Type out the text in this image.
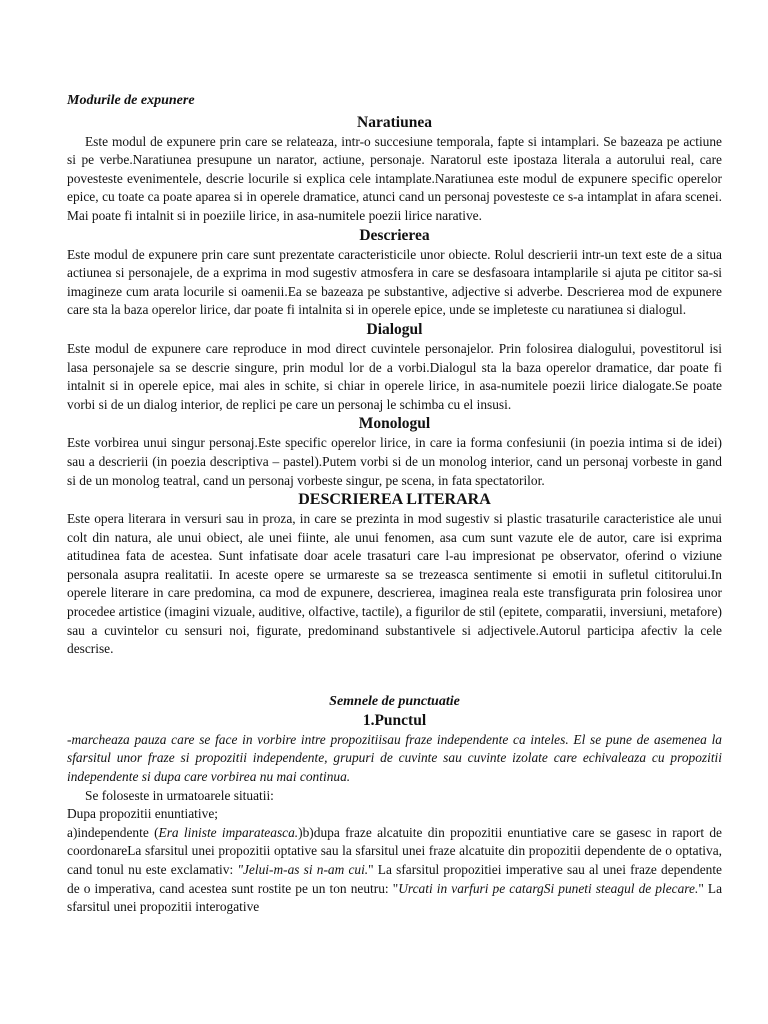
Modurile de expunere
Naratiunea

Este modul de expunere prin care se relateaza, intr-o succesiune temporala, fapte si intamplari. Se bazeaza pe actiune si pe verbe.Naratiunea presupune un narator, actiune, personaje. Naratorul este ipostaza literala a autorului real, care povesteste evenimentele, descrie locurile si explica cele intamplate.Naratiunea este modul de expunere specific operelor epice, cu toate ca poate aparea si in operele dramatice, atunci cand un personaj povesteste ce s-a intamplat in afara scenei. Mai poate fi intalnit si in poeziile lirice, in asa-numitele poezii lirice narative.

Descrierea

Este modul de expunere prin care sunt prezentate caracteristicile unor obiecte. Rolul descrierii intr-un text este de a situa actiunea si personajele, de a exprima in mod sugestiv atmosfera in care se desfasoara intamplarile si ajuta pe cititor sa-si imagineze cum arata locurile si oamenii.Ea se bazeaza pe substantive, adjective si adverbe. Descrierea mod de expunere care sta la baza operelor lirice, dar poate fi intalnita si in operele epice, unde se impleteste cu naratiunea si dialogul.

Dialogul

Este modul de expunere care reproduce in mod direct cuvintele personajelor. Prin folosirea dialogului, povestitorul isi lasa personajele sa se descrie singure, prin modul lor de a vorbi.Dialogul sta la baza operelor dramatice, dar poate fi intalnit si in operele epice, mai ales in schite, si chiar in operele lirice, in asa-numitele poezii lirice dialogate.Se poate vorbi si de un dialog interior, de replici pe care un personaj le schimba cu el insusi.

Monologul

Este vorbirea unui singur personaj.Este specific operelor lirice, in care ia forma confesiunii (in poezia intima si de idei) sau a descrierii (in poezia descriptiva – pastel).Putem vorbi si de un monolog interior, cand un personaj vorbeste in gand si de un monolog teatral, cand un personaj vorbeste singur, pe scena, in fata spectatorilor.

DESCRIEREA LITERARA

Este opera literara in versuri sau in proza, in care se prezinta in mod sugestiv si plastic trasaturile caracteristice ale unui colt din natura, ale unui obiect, ale unei fiinte, ale unui fenomen, asa cum sunt vazute ele de autor, care isi exprima atitudinea fata de acestea. Sunt infatisate doar acele trasaturi care l-au impresionat pe observator, oferind o viziune personala asupra realitatii. In aceste opere se urmareste sa se trezeasca sentimente si emotii in sufletul cititorului.In operele literare in care predomina, ca mod de expunere, descrierea, imaginea reala este transfigurata prin folosirea unor procedee artistice (imagini vizuale, auditive, olfactive, tactile), a figurilor de stil (epitete, comparatii, inversiuni, metafore) sau a cuvintelor cu sensuri noi, figurate, predominand substantivele si adjectivele.Autorul participa afectiv la cele descrise.

Semnele de punctuatie
1.Punctul

-marcheaza pauza care se face in vorbire intre propozitiisau fraze independente ca inteles. El se pune de asemenea la sfarsitul unor fraze si propozitii independente, grupuri de cuvinte sau cuvinte izolate care echivaleaza cu propozitii independente si dupa care vorbirea nu mai continua.

Se foloseste in urmatoarele situatii:

Dupa propozitii enuntiative;

a)independente (Era liniste imparateasca.)b)dupa fraze alcatuite din propozitii enuntiative care se gasesc in raport de coordonareLa sfarsitul unei propozitii optative sau la sfarsitul unei fraze alcatuite din propozitii dependente de o optativa, cand tonul nu este exclamativ: "Jelui-m-as si n-am cui." La sfarsitul propozitiei imperative sau al unei fraze dependente de o imperativa, cand acestea sunt rostite pe un ton neutru: "Urcati in varfuri pe catargSi puneti steagul de plecare." La sfarsitul unei propozitii interogative
